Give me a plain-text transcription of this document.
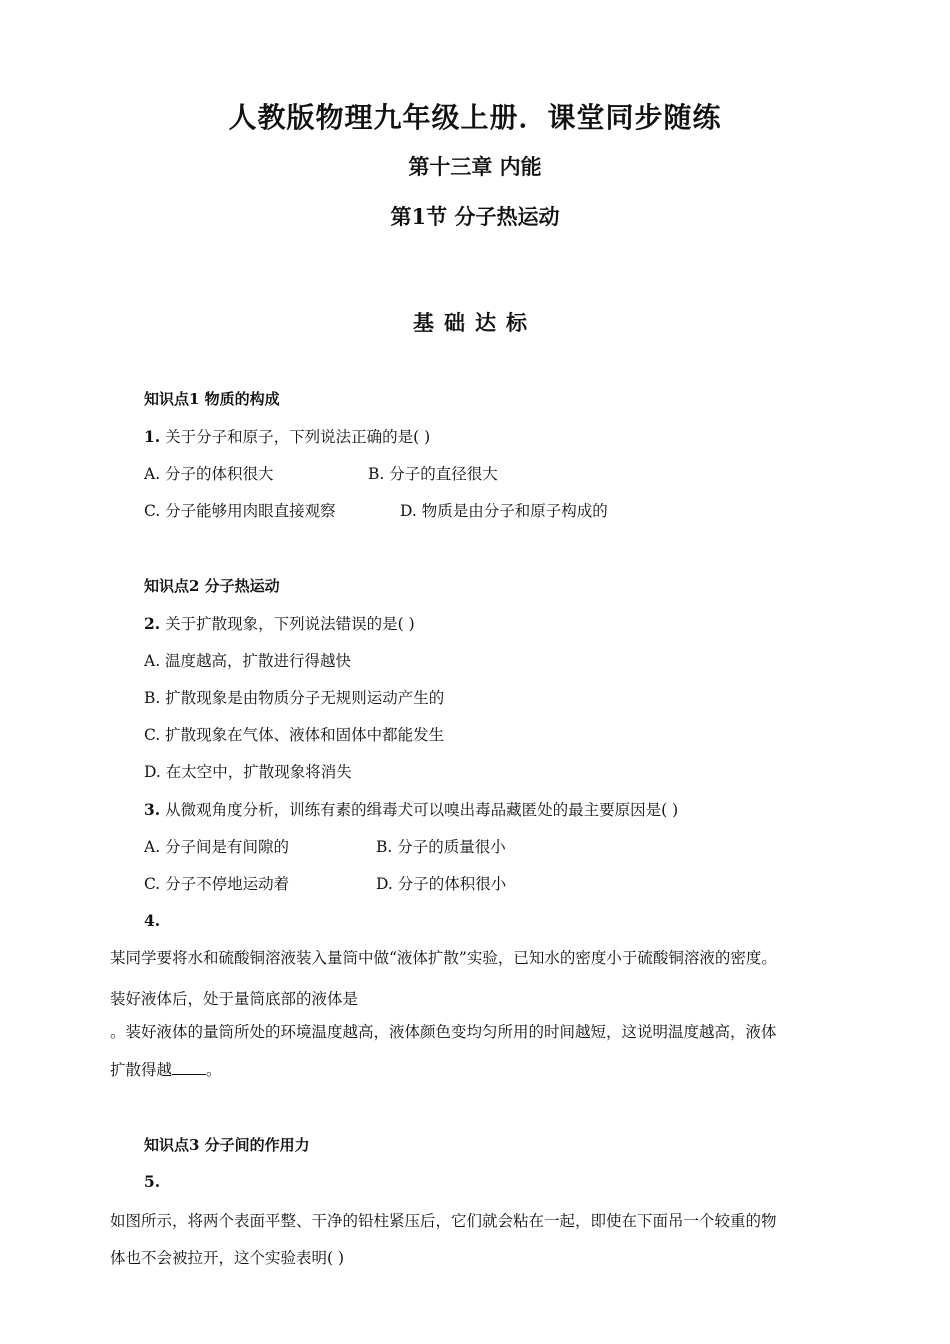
人教版物理九年级上册．课堂同步随练
第十三章 内能
第1节 分子热运动
基础达标
知识点1 物质的构成
1. 关于分子和原子，下列说法正确的是( )
A. 分子的体积很大	B. 分子的直径很大
C. 分子能够用肉眼直接观察	D. 物质是由分子和原子构成的
知识点2 分子热运动
2. 关于扩散现象，下列说法错误的是( )
A. 温度越高，扩散进行得越快
B. 扩散现象是由物质分子无规则运动产生的
C. 扩散现象在气体、液体和固体中都能发生
D. 在太空中，扩散现象将消失
3. 从微观角度分析，训练有素的缉毒犬可以嗅出毒品藏匿处的最主要原因是( )
A. 分子间是有间隙的	B. 分子的质量很小
C. 分子不停地运动着	D. 分子的体积很小
4.
某同学要将水和硫酸铜溶液装入量筒中做“液体扩散”实验，已知水的密度小于硫酸铜溶液的密度。
装好液体后，处于量筒底部的液体是
。装好液体的量筒所处的环境温度越高，液体颜色变均匀所用的时间越短，这说明温度越高，液体
扩散得越 。
知识点3 分子间的作用力
5.
如图所示，将两个表面平整、干净的铅柱紧压后，它们就会粘在一起，即使在下面吊一个较重的物
体也不会被拉开，这个实验表明( )
